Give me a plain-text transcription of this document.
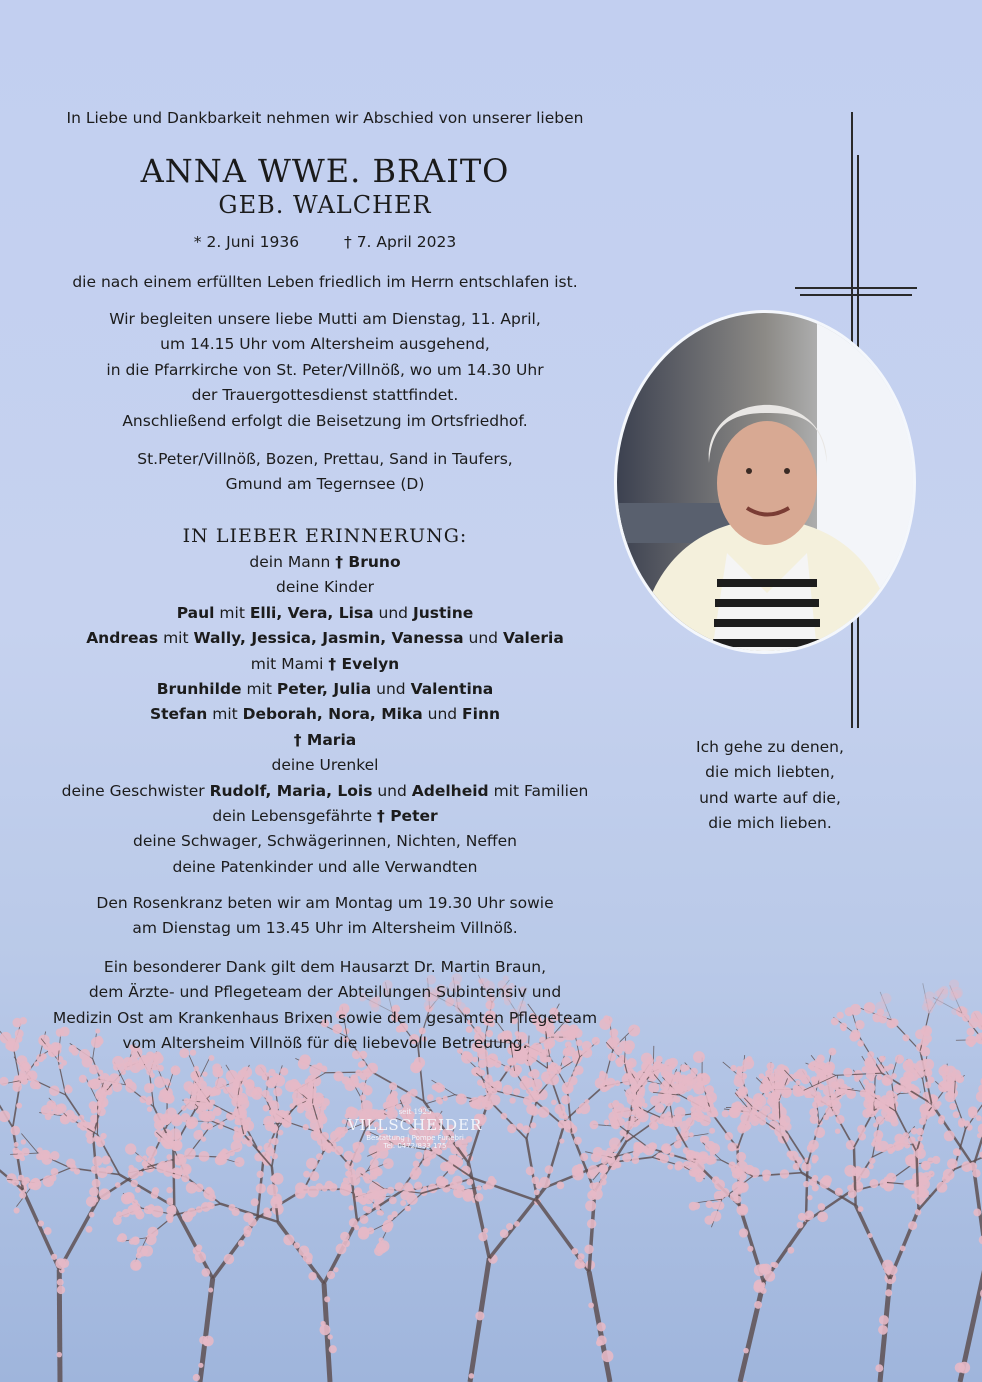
In Liebe und Dankbarkeit nehmen wir Abschied von unserer lieben
ANNA WWE. BRAITO
GEB. WALCHER
* 2. Juni 1936	† 7. April 2023
die nach einem erfüllten Leben friedlich im Herrn entschlafen ist.
Wir begleiten unsere liebe Mutti am Dienstag, 11. April,
um 14.15 Uhr vom Altersheim ausgehend,
in die Pfarrkirche von St. Peter/Villnöß, wo um 14.30 Uhr
der Trauergottesdienst stattfindet.
Anschließend erfolgt die Beisetzung im Ortsfriedhof.
St.Peter/Villnöß, Bozen, Prettau, Sand in Taufers,
Gmund am Tegernsee (D)
IN LIEBER ERINNERUNG:
dein Mann † Bruno
deine Kinder
Paul mit Elli, Vera, Lisa und Justine
Andreas mit Wally, Jessica, Jasmin, Vanessa und Valeria
mit Mami † Evelyn
Brunhilde mit Peter, Julia und Valentina
Stefan mit Deborah, Nora, Mika und Finn
† Maria
deine Urenkel
deine Geschwister Rudolf, Maria, Lois und Adelheid mit Familien
dein Lebensgefährte † Peter
deine Schwager, Schwägerinnen, Nichten, Neffen
deine Patenkinder und alle Verwandten
Den Rosenkranz beten wir am Montag um 19.30 Uhr sowie
am Dienstag um 13.45 Uhr im Altersheim Villnöß.
Ein besonderer Dank gilt dem Hausarzt Dr. Martin Braun,
dem Ärzte- und Pflegeteam der Abteilungen Subintensiv und
Medizin Ost am Krankenhaus Brixen sowie dem gesamten Pflegeteam
vom Altersheim Villnöß für die liebevolle Betreuung.
Ich gehe zu denen,
die mich liebten,
und warte auf die,
die mich lieben.
seit 1925
VILLSCHEIDER
Bestattung | Pompe Funebri
Tel. 0472/833 175
